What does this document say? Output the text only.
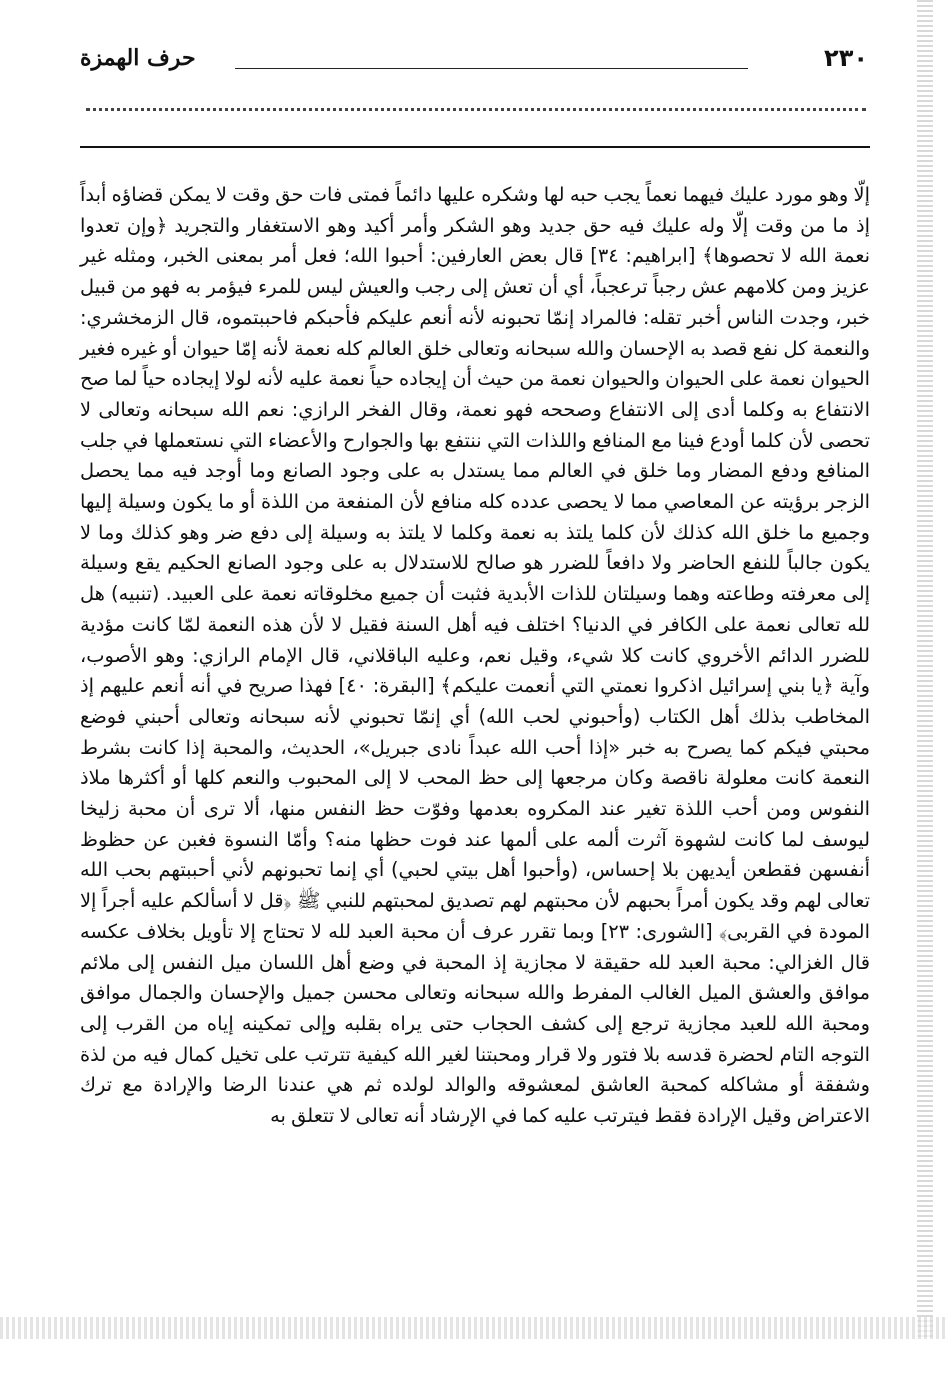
٢٣٠
حرف الهمزة

إلّا وهو مورد عليك فيهما نعماً يجب حبه لها وشكره عليها دائماً فمتى فات حق وقت لا يمكن قضاؤه أبداً إذ ما من وقت إلّا وله عليك فيه حق جديد وهو الشكر وأمر أكيد وهو الاستغفار والتجريد ﴿وإن تعدوا نعمة الله لا تحصوها﴾ [ابراهيم: ٣٤] قال بعض العارفين: أحبوا الله؛ فعل أمر بمعنى الخبر، ومثله غير عزيز ومن كلامهم عش رجباً ترعجباً، أي أن تعش إلى رجب والعيش ليس للمرء فيؤمر به فهو من قبيل خبر، وجدت الناس أخبر تقله: فالمراد إنمّا تحبونه لأنه أنعم عليكم فأحبكم فاحببتموه، قال الزمخشري: والنعمة كل نفع قصد به الإحسان والله سبحانه وتعالى خلق العالم كله نعمة لأنه إمّا حيوان أو غيره فغير الحيوان نعمة على الحيوان والحيوان نعمة من حيث أن إيجاده حياً نعمة عليه لأنه لولا إيجاده حياً لما صح الانتفاع به وكلما أدى إلى الانتفاع وصححه فهو نعمة، وقال الفخر الرازي: نعم الله سبحانه وتعالى لا تحصى لأن كلما أودع فينا مع المنافع واللذات التي ننتفع بها والجوارح والأعضاء التي نستعملها في جلب المنافع ودفع المضار وما خلق في العالم مما يستدل به على وجود الصانع وما أوجد فيه مما يحصل الزجر برؤيته عن المعاصي مما لا يحصى عدده كله منافع لأن المنفعة من اللذة أو ما يكون وسيلة إليها وجميع ما خلق الله كذلك لأن كلما يلتذ به نعمة وكلما لا يلتذ به وسيلة إلى دفع ضر وهو كذلك وما لا يكون جالباً للنفع الحاضر ولا دافعاً للضرر هو صالح للاستدلال به على وجود الصانع الحكيم يقع وسيلة إلى معرفته وطاعته وهما وسيلتان للذات الأبدية فثبت أن جميع مخلوقاته نعمة على العبيد. (تنبيه) هل لله تعالى نعمة على الكافر في الدنيا؟ اختلف فيه أهل السنة فقيل لا لأن هذه النعمة لمّا كانت مؤدية للضرر الدائم الأخروي كانت كلا شيء، وقيل نعم، وعليه الباقلاني، قال الإمام الرازي: وهو الأصوب، وآية ﴿يا بني إسرائيل اذكروا نعمتي التي أنعمت عليكم﴾ [البقرة: ٤٠] فهذا صريح في أنه أنعم عليهم إذ المخاطب بذلك أهل الكتاب (وأحبوني لحب الله) أي إنمّا تحبوني لأنه سبحانه وتعالى أحبني فوضع محبتي فيكم كما يصرح به خبر «إذا أحب الله عبداً نادى جبريل»، الحديث، والمحبة إذا كانت بشرط النعمة كانت معلولة ناقصة وكان مرجعها إلى حظ المحب لا إلى المحبوب والنعم كلها أو أكثرها ملاذ النفوس ومن أحب اللذة تغير عند المكروه بعدمها وفوّت حظ النفس منها، ألا ترى أن محبة زليخا ليوسف لما كانت لشهوة آثرت ألمه على ألمها عند فوت حظها منه؟ وأمّا النسوة فغبن عن حظوظ أنفسهن فقطعن أيديهن بلا إحساس، (وأحبوا أهل بيتي لحبي) أي إنما تحبونهم لأني أحببتهم بحب الله تعالى لهم وقد يكون أمراً بحبهم لأن محبتهم لهم تصديق لمحبتهم للنبي ﷺ ﴿قل لا أسألكم عليه أجراً إلا المودة في القربى﴾ [الشورى: ٢٣] وبما تقرر عرف أن محبة العبد لله لا تحتاج إلا تأويل بخلاف عكسه قال الغزالي: محبة العبد لله حقيقة لا مجازية إذ المحبة في وضع أهل اللسان ميل النفس إلى ملائم موافق والعشق الميل الغالب المفرط والله سبحانه وتعالى محسن جميل والإحسان والجمال موافق ومحبة الله للعبد مجازية ترجع إلى كشف الحجاب حتى يراه بقلبه وإلى تمكينه إياه من القرب إلى التوجه التام لحضرة قدسه بلا فتور ولا قرار ومحبتنا لغير الله كيفية تترتب على تخيل كمال فيه من لذة وشفقة أو مشاكله كمحبة العاشق لمعشوقه والوالد لولده ثم هي عندنا الرضا والإرادة مع ترك الاعتراض وقيل الإرادة فقط فيترتب عليه كما في الإرشاد أنه تعالى لا تتعلق به
